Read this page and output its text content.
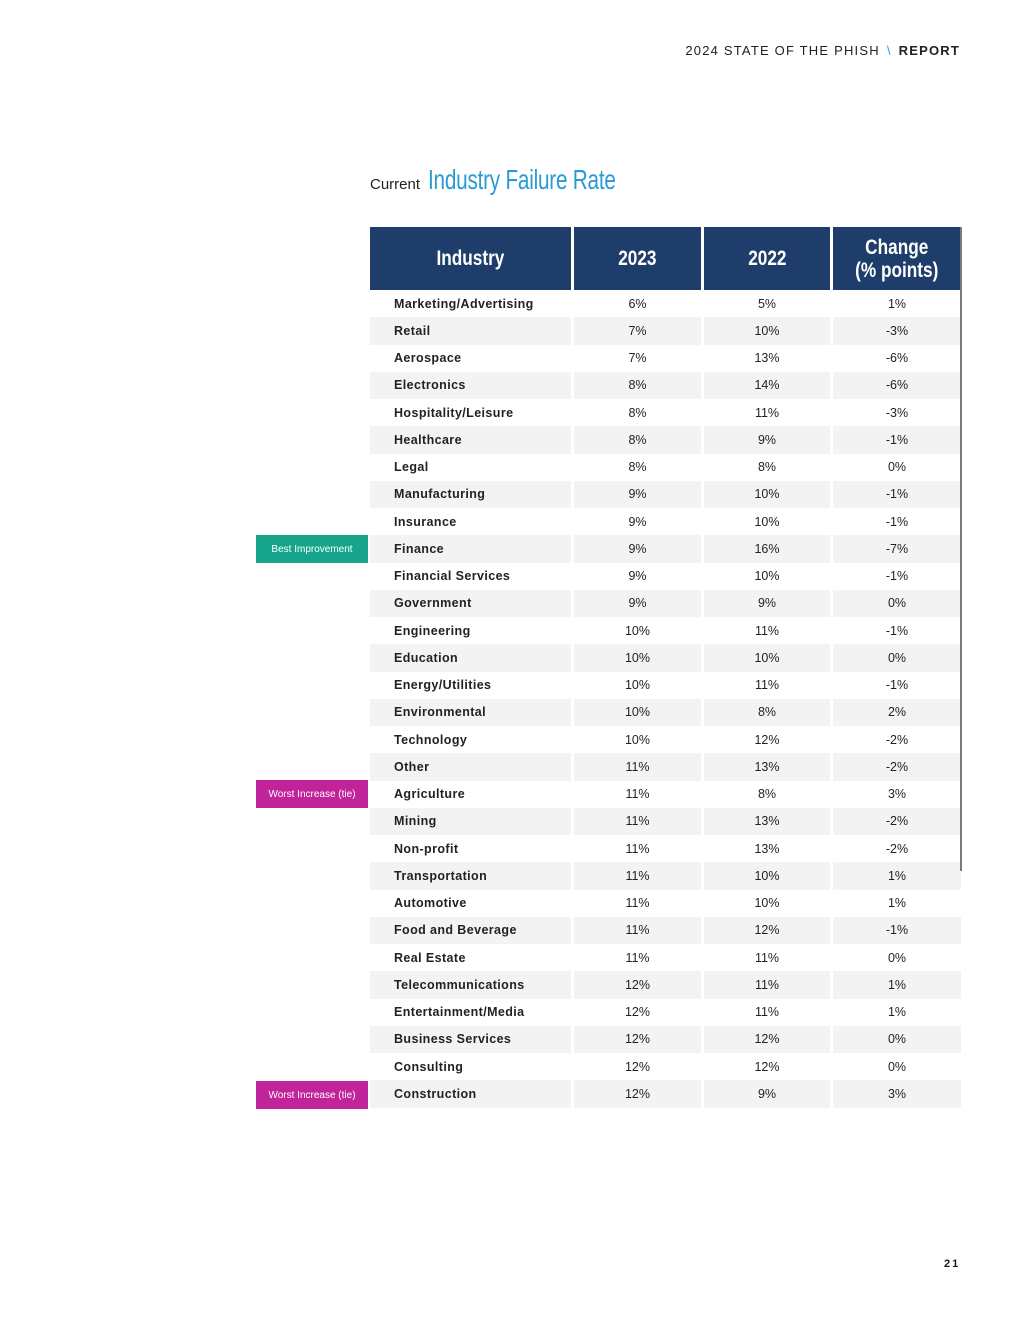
2024 STATE OF THE PHISH \ REPORT
Current Industry Failure Rate
Industry	2023	2022	Change
(% points)
Marketing/Advertising	6%	5%	1%
Retail	7%	10%	-3%
Aerospace	7%	13%	-6%
Electronics	8%	14%	-6%
Hospitality/Leisure	8%	11%	-3%
Healthcare	8%	9%	-1%
Legal	8%	8%	0%
Manufacturing	9%	10%	-1%
Insurance	9%	10%	-1%
Finance	9%	16%	-7%
Financial Services	9%	10%	-1%
Government	9%	9%	0%
Engineering	10%	11%	-1%
Education	10%	10%	0%
Energy/Utilities	10%	11%	-1%
Environmental	10%	8%	2%
Technology	10%	12%	-2%
Other	11%	13%	-2%
Agriculture	11%	8%	3%
Mining	11%	13%	-2%
Non-profit	11%	13%	-2%
Transportation	11%	10%	1%
Automotive	11%	10%	1%
Food and Beverage	11%	12%	-1%
Real Estate	11%	11%	0%
Telecommunications	12%	11%	1%
Entertainment/Media	12%	11%	1%
Business Services	12%	12%	0%
Consulting	12%	12%	0%
Construction	12%	9%	3%
Best Improvement
Worst Increase (tie)
Worst Increase (tie)
21
